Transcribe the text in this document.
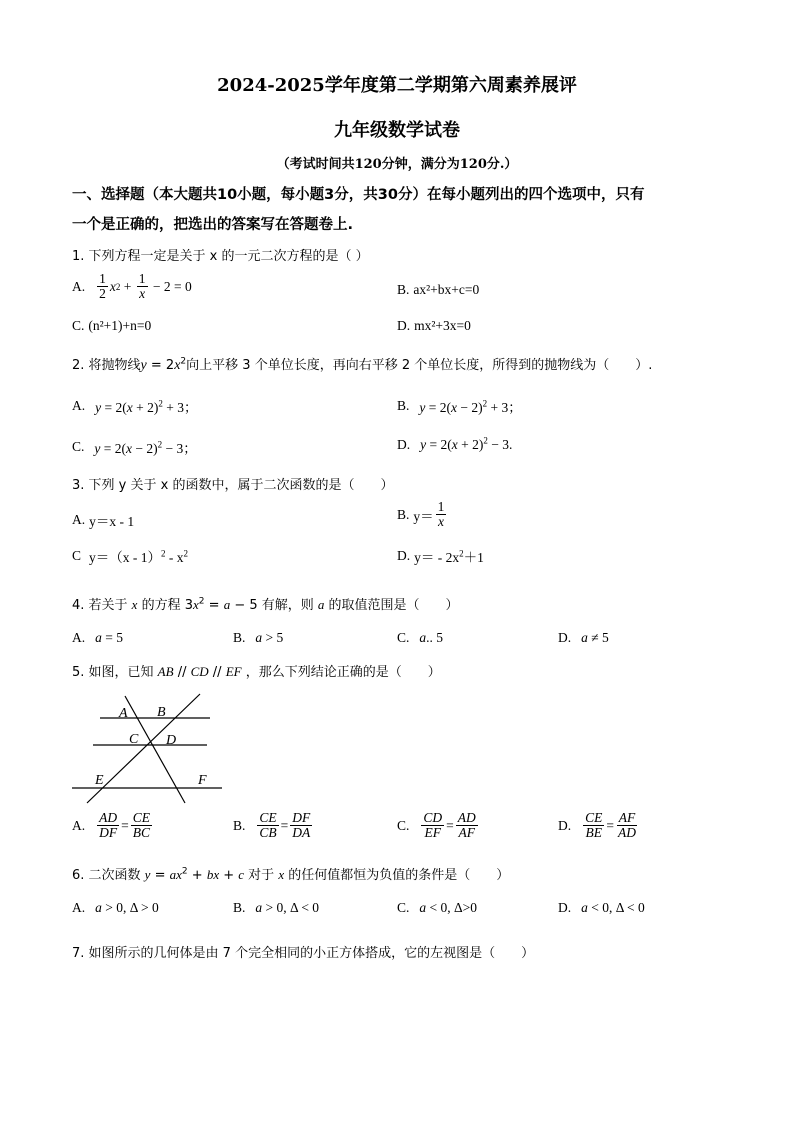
2024-2025学年度第二学期第六周素养展评
九年级数学试卷
（考试时间共120分钟，满分为120分.）
一、选择题（本大题共10小题，每小题3分，共30分）在每小题列出的四个选项中，只有
一个是正确的，把选出的答案写在答题卷上.
1. 下列方程一定是关于 x 的一元二次方程的是（ ）
A. $\frac{1}{2}$ x $2 + \frac{1}{x} - 2 = 0$	B. ax²+bx+c=0
C. (n²+1)+n=0	D. mx²+3x=0
2. 将抛物线$y = 2x^2$向上平移 3 个单位长度，再向右平移 2 个单位长度，所得到的抛物线为（　　）.
A. $y = 2(x + 2)^2 + 3$；	B. $y = 2(x - 2)^2 + 3$；
C. $y = 2(x - 2)^2 - 3$；	D. $y = 2(x + 2)^2 - 3$.
3. 下列 y 关于 x 的函数中，属于二次函数的是（　　）
A. y＝x - 1	B. $y= \frac{1}{x}$
C $y=(x - 1)^2 - x^2$	D. $y= - 2x^2+1$
4. 若关于 x 的方程 $3x^2 = a - 5$ 有解，则 a 的取值范围是（　　）
A. a = 5	B. a > 5	C. a.. 5	D. a ≠ 5
5. 如图，已知 AB // CD // EF ，那么下列结论正确的是（　　）
A B
C D
E	F
A. $\frac{AD}{DF} = \frac{CE}{BC}$	B. $\frac{CE}{CB} = \frac{DF}{DA}$	C. $\frac{CD}{EF} = \frac{AD}{AF}$	D. $\frac{CE}{BE} = \frac{AF}{AD}$
6. 二次函数 $y = ax^2$ + bx + c 对于 x 的任何值都恒为负值的条件是（　　）
A. a > 0, Δ > 0	B. a > 0, Δ < 0	C. a < 0, Δ>0	D. a < 0, Δ < 0
7. 如图所示的几何体是由 7 个完全相同的小正方体搭成，它的左视图是（　　）
